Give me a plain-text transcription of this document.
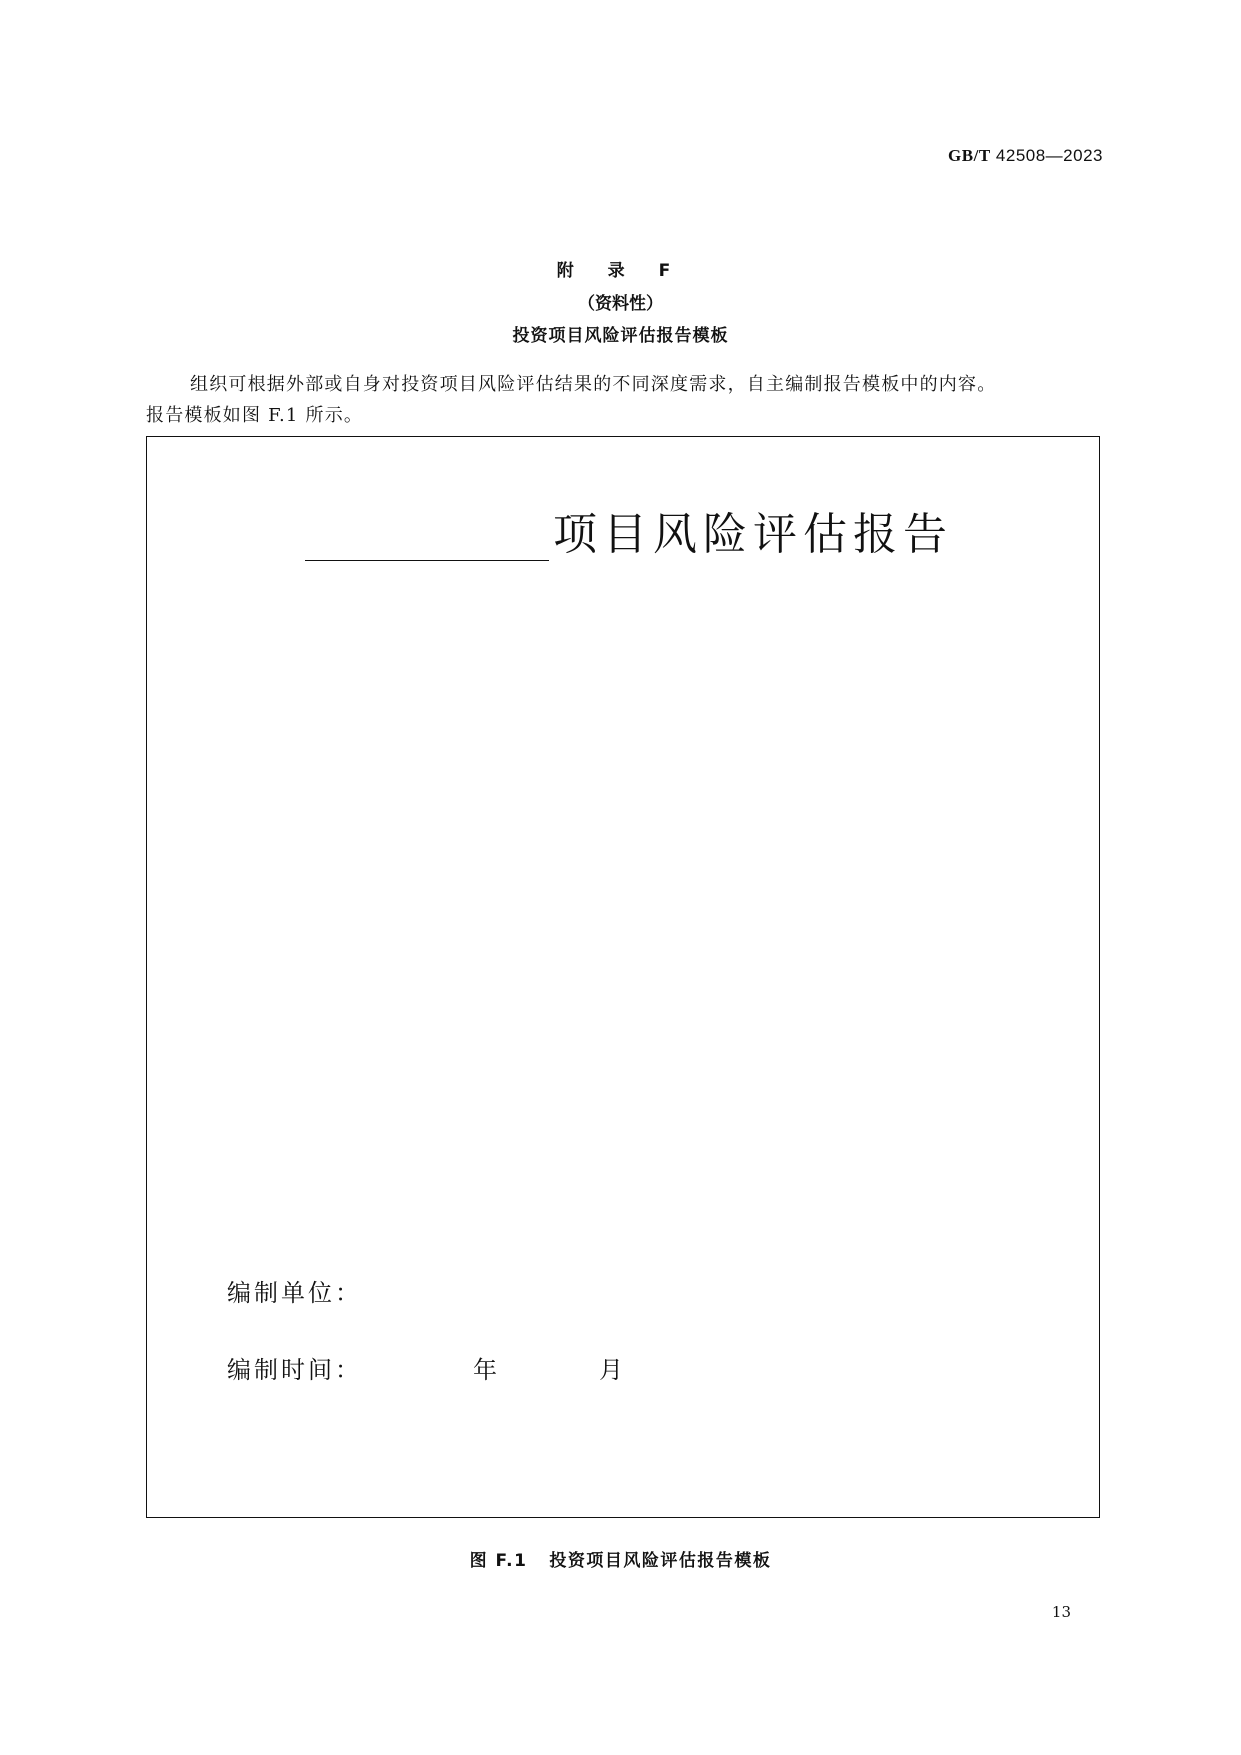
GB/T 42508—2023
附 录 F
（资料性）
投资项目风险评估报告模板
组织可根据外部或自身对投资项目风险评估结果的不同深度需求，自主编制报告模板中的内容。
报告模板如图 F.1 所示。
项目风险评估报告
编制单位：
编制时间：	年	月
图 F.1 投资项目风险评估报告模板
13
